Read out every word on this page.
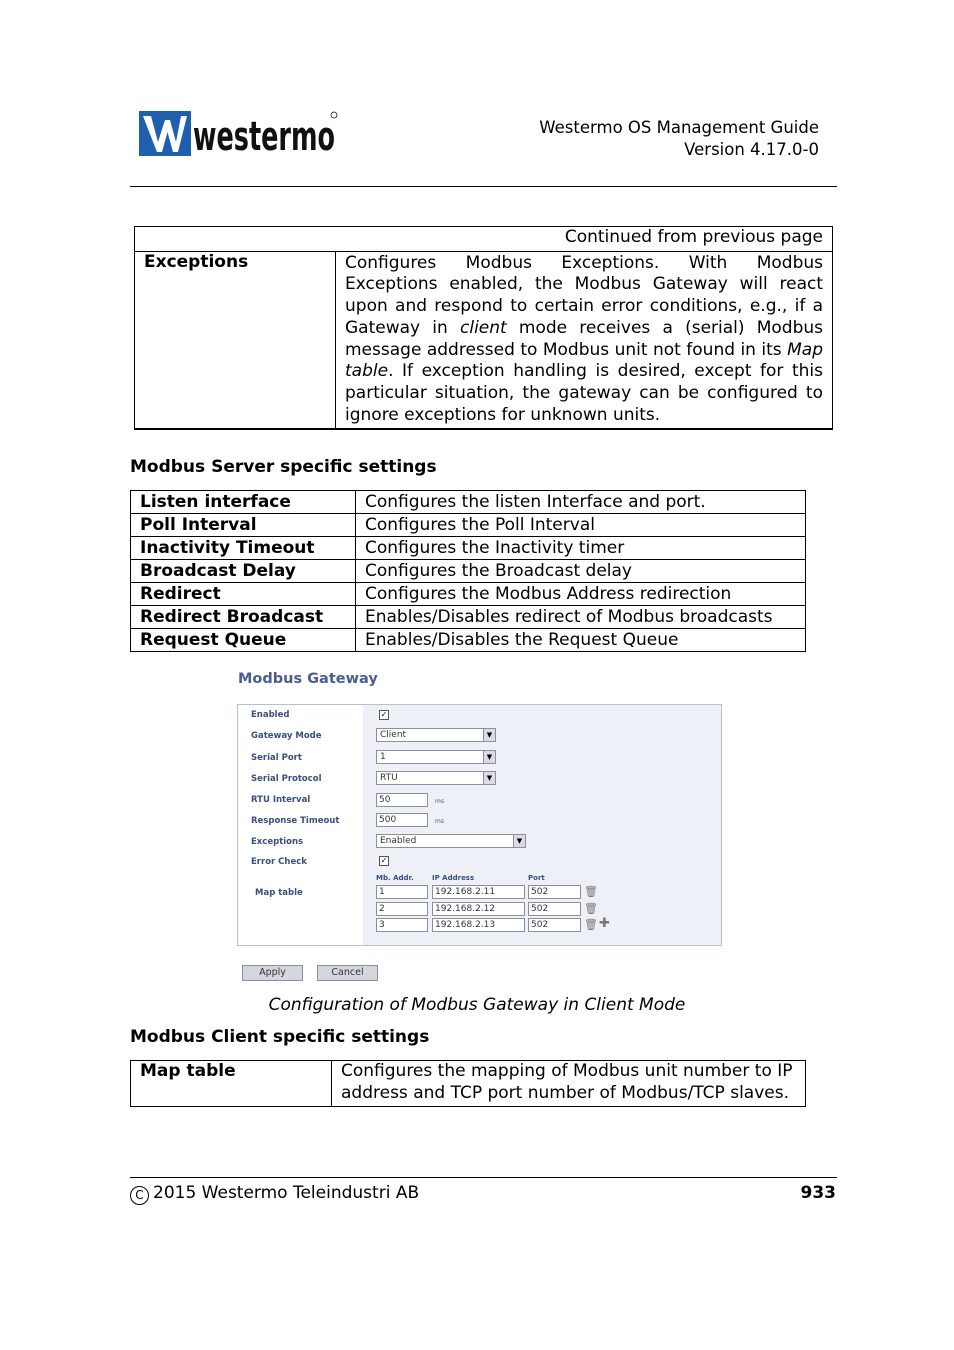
westermo	Westermo OS Management Guide
Version 4.17.0-0
Continued from previous page
Exceptions	Configures Modbus Exceptions. With Modbus Exceptions enabled, the Modbus Gateway will react upon and respond to certain error conditions, e.g., if a Gateway in client mode receives a (serial) Modbus message addressed to Modbus unit not found in its Map table. If exception handling is desired, except for this particular situation, the gateway can be configured to ignore exceptions for unknown units.
Modbus Server specific settings
Listen interface	Configures the listen Interface and port.
Poll Interval	Configures the Poll Interval
Inactivity Timeout	Configures the Inactivity timer
Broadcast Delay	Configures the Broadcast delay
Redirect	Configures the Modbus Address redirection
Redirect Broadcast	Enables/Disables redirect of Modbus broadcasts
Request Queue	Enables/Disables the Request Queue
Modbus Gateway
Enabled	✓
Gateway Mode	Client	▼
Serial Port	1	▼
Serial Protocol	RTU	▼
RTU Interval	50	ms
Response Timeout	500	ms
Exceptions	Enabled	▼
Error Check	✓
Mb. Addr.	IP Address	Port
Map table	1	192.168.2.11	502	🗑
2	192.168.2.12	502	🗑
3	192.168.2.13	502	🗑 ✚
Apply	Cancel
Configuration of Modbus Gateway in Client Mode
Modbus Client specific settings
Map table	Configures the mapping of Modbus unit number to IP address and TCP port number of Modbus/TCP slaves.
C 2015 Westermo Teleindustri AB	933
